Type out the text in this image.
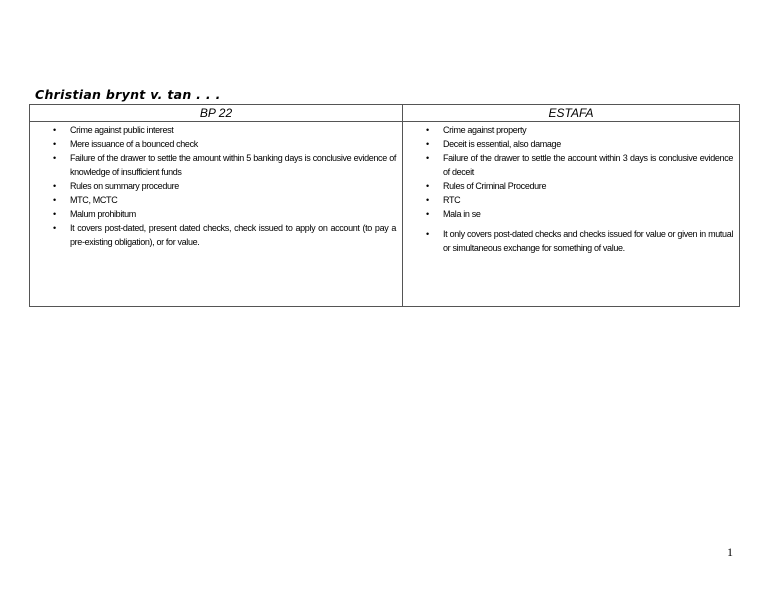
Christian brynt v. tan . . .
BP 22
• Crime against public interest
• Mere issuance of a bounced check
• Failure of the drawer to settle the amount within 5 banking days is conclusive evidence of knowledge of insufficient funds
• Rules on summary procedure
• MTC, MCTC
• Malum prohibitum
• It covers post-dated, present dated checks, check issued to apply on account (to pay a pre-existing obligation), or for value.
ESTAFA
• Crime against property
• Deceit is essential, also damage
• Failure of the drawer to settle the account within 3 days is conclusive evidence of deceit
• Rules of Criminal Procedure
• RTC
• Mala in se
• It only covers post-dated checks and checks issued for value or given in mutual or simultaneous exchange for something of value.
1
